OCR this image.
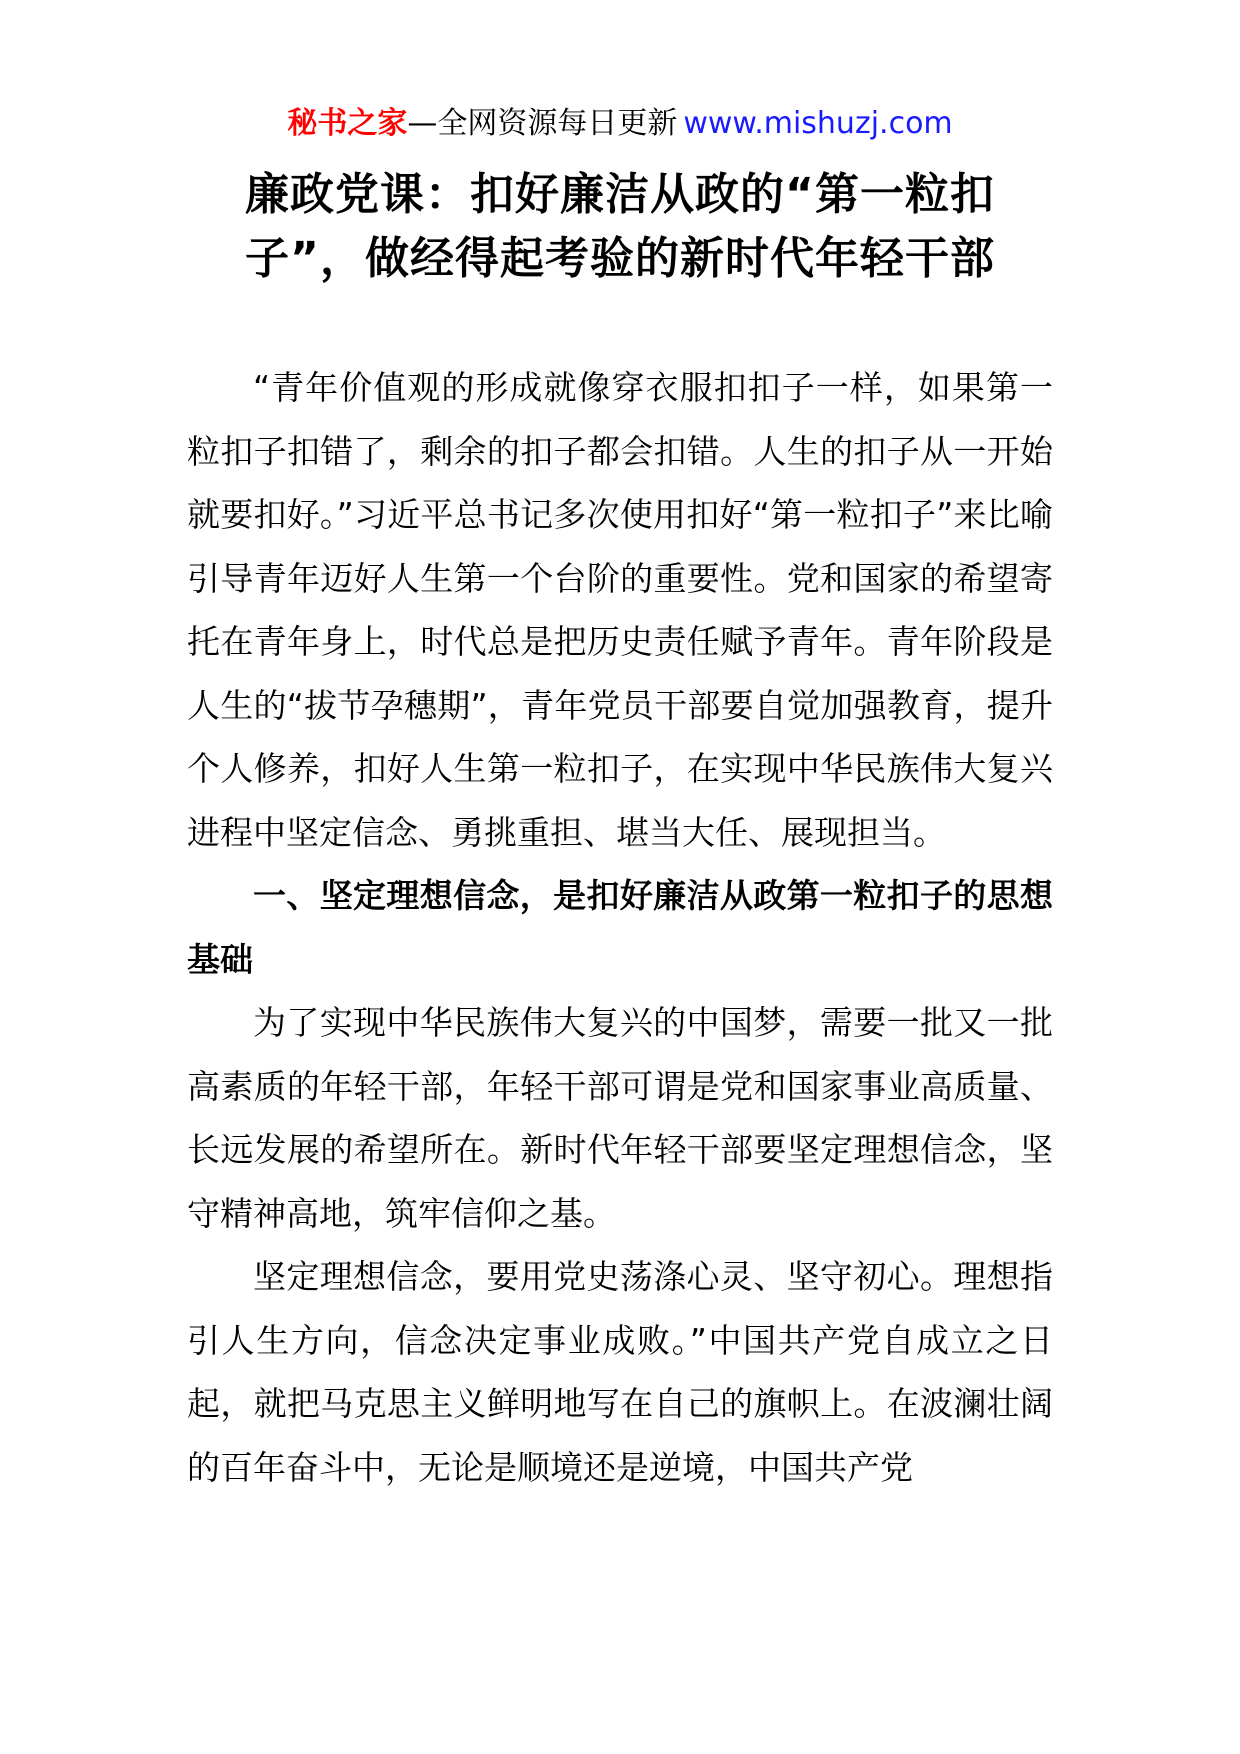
秘书之家—全网资源每日更新 www.mishuzj.com
廉政党课：扣好廉洁从政的“第一粒扣
子”，做经得起考验的新时代年轻干部

“青年价值观的形成就像穿衣服扣扣子一样，如果第一粒扣子扣错了，剩余的扣子都会扣错。人生的扣子从一开始就要扣好。”习近平总书记多次使用扣好“第一粒扣子”来比喻引导青年迈好人生第一个台阶的重要性。党和国家的希望寄托在青年身上，时代总是把历史责任赋予青年。青年阶段是人生的“拔节孕穗期”，青年党员干部要自觉加强教育，提升个人修养，扣好人生第一粒扣子，在实现中华民族伟大复兴进程中坚定信念、勇挑重担、堪当大任、展现担当。

一、坚定理想信念，是扣好廉洁从政第一粒扣子的思想基础

为了实现中华民族伟大复兴的中国梦，需要一批又一批高素质的年轻干部，年轻干部可谓是党和国家事业高质量、长远发展的希望所在。新时代年轻干部要坚定理想信念，坚守精神高地，筑牢信仰之基。

坚定理想信念，要用党史荡涤心灵、坚守初心。理想指引人生方向，信念决定事业成败。”中国共产党自成立之日起，就把马克思主义鲜明地写在自己的旗帜上。在波澜壮阔的百年奋斗中，无论是顺境还是逆境，中国共产党
